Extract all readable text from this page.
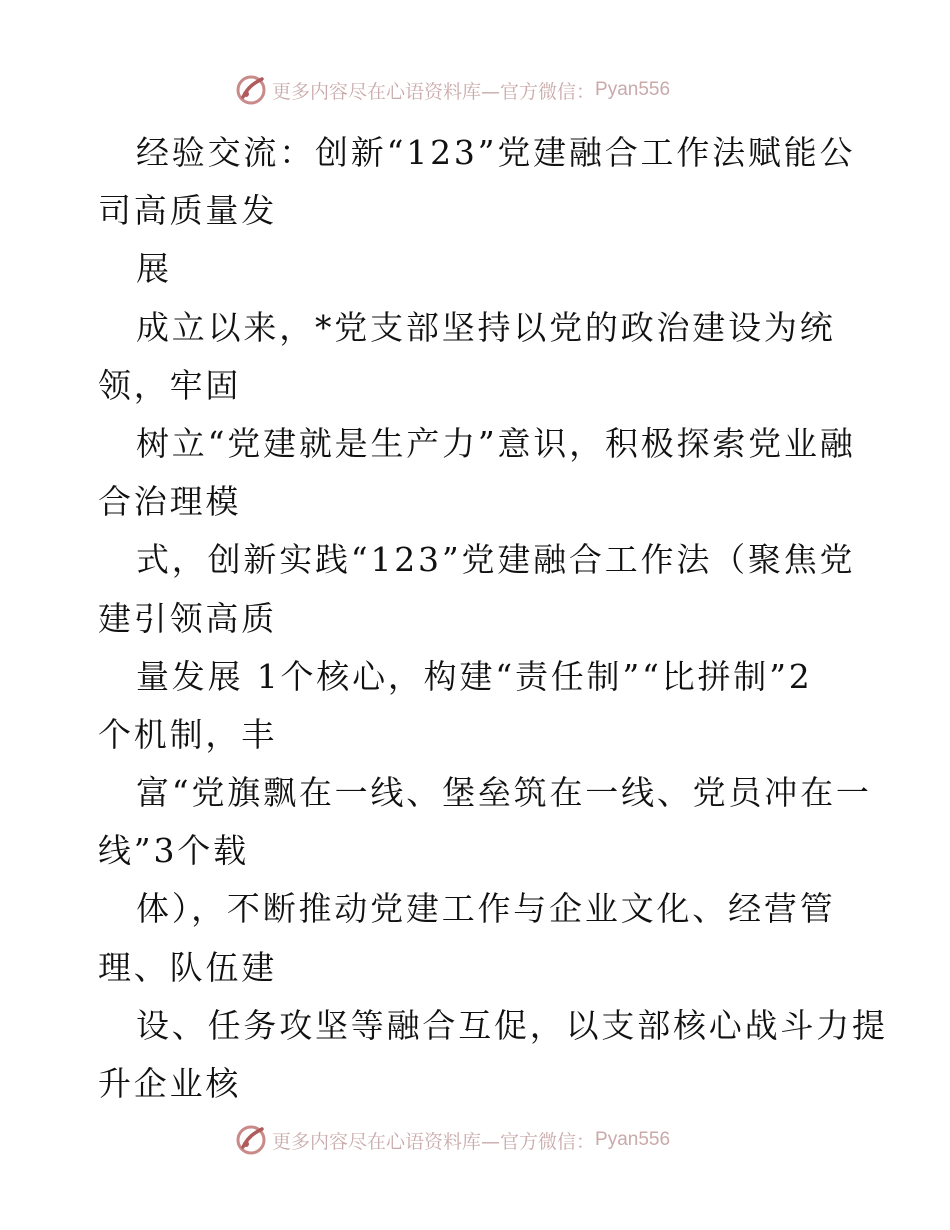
更多内容尽在心语资料库—官方微信： Pyan556
经验交流：创新“123”党建融合工作法赋能公
司高质量发
展
成立以来，*党支部坚持以党的政治建设为统
领，牢固
树立“党建就是生产力”意识，积极探索党业融
合治理模
式，创新实践“123”党建融合工作法（聚焦党
建引领高质
量发展 1个核心，构建“责任制”“比拼制”2
个机制，丰
富“党旗飘在一线、堡垒筑在一线、党员冲在一
线”3个载
体），不断推动党建工作与企业文化、经营管
理、队伍建
设、任务攻坚等融合互促，以支部核心战斗力提
升企业核
更多内容尽在心语资料库—官方微信： Pyan556
